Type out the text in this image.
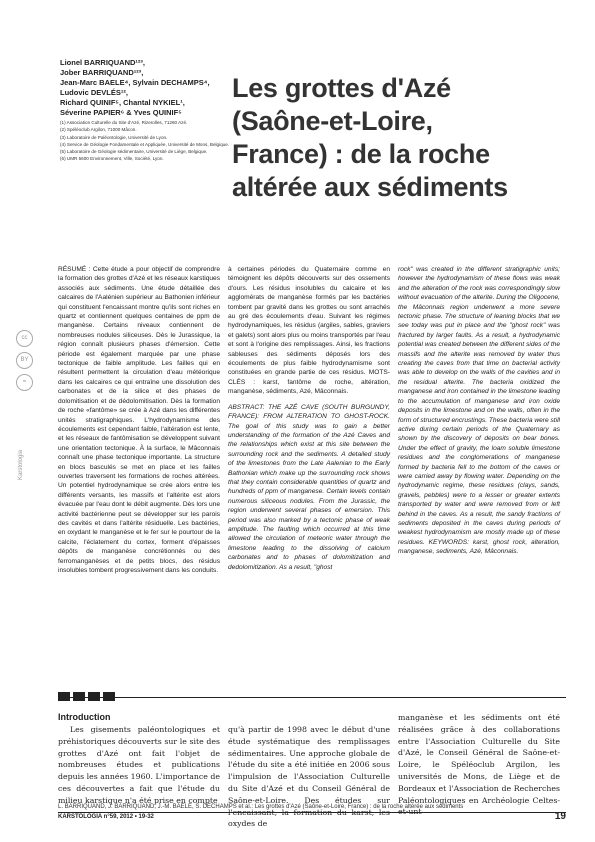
Lionel BARRIQUAND¹²³,
Jober BARRIQUAND¹²³,
Jean-Marc BAELE⁴, Sylvain DECHAMPS⁴,
Ludovic DEVLÉS¹²,
Richard QUINIF⁵, Chantal NYKIEL¹,
Séverine PAPIER⁶ & Yves QUINIF⁵
(1) Association Culturelle du Site d'Azé, Rizerolles, 71260 Azé.
(2) Spéléoclub Argilon, 71000 Mâcon.
(3) Laboratoire de Paléontologie, Université de Lyon.
(4) Service de Géologie Fondamentale et Appliquée, Université de Mons, Belgique.
(5) Laboratoire de Géologie sédimentaire, Université de Liège, Belgique.
(6) UMR 5600 Environnement, Ville, Société, Lyon.
Les grottes d'Azé
(Saône-et-Loire,
France) : de la roche
altérée aux sédiments
cc
BY
=
Karstologia

RÉSUMÉ : Cette étude a pour objectif de comprendre la formation des grottes d'Azé et les réseaux karstiques associés aux sédiments. Une étude détaillée des calcaires de l'Aalénien supérieur au Bathonien inférieur qui constituent l'encaissant montre qu'ils sont riches en quartz et contiennent quelques centaines de ppm de manganèse. Certains niveaux contiennent de nombreuses nodules siliceuses. Dès le Jurassique, la région connaît plusieurs phases d'émersion. Cette période est également marquée par une phase tectonique de faible amplitude. Les failles qui en résultent permettent la circulation d'eau météorique dans les calcaires ce qui entraîne une dissolution des carbonates et de la silice et des phases de dolomitisation et de dédolomitisation. Dès la formation de roche «fantôme» se crée à Azé dans les différentes unités stratigraphiques. L'hydrodynamisme des écoulements est cependant faible, l'altération est lente, et les réseaux de fantômisation se développent suivant une orientation tectonique. À la surface, le Mâconnais connaît une phase tectonique importante. La structure en blocs basculés se met en place et les failles ouvertes traversent les formations de roches altérées. Un potentiel hydrodynamique se crée alors entre les différents versants, les massifs et l'altérite est alors évacuée par l'eau dont le débit augmente. Dès lors une activité bactérienne peut se développer sur les parois des cavités et dans l'altérite résiduelle. Les bactéries, en oxydant le manganèse et le fer sur le pourtour de la calcite, l'éclatement du cortex, forment d'épaisses dépôts de manganèse concrétionnés ou des ferromanganèses et de petits blocs, des résidus insolubles tombent progressivement dans les conduits.

à certaines périodes du Quaternaire comme en témoignent les dépôts découverts sur des ossements d'ours. Les résidus insolubles du calcaire et les agglomérats de manganèse formés par les bactéries tombent par gravité dans les grottes ou sont arrachés au gré des écoulements d'eau. Suivant les régimes hydrodynamiques, les résidus (argiles, sables, graviers et galets) sont alors plus ou moins transportés par l'eau et sont à l'origine des remplissages. Ainsi, les fractions sableuses des sédiments déposés lors des écoulements de plus faible hydrodynamisme sont constituées en grande partie de ces résidus. MOTS-CLÉS : karst, fantôme de roche, altération, manganèse, sédiments, Azé, Mâconnais.

ABSTRACT: THE AZÉ CAVE (SOUTH BURGUNDY, FRANCE): FROM ALTERATION TO GHOST-ROCK. The goal of this study was to gain a better understanding of the formation of the Azé Caves and the relationships which exist at this site between the surrounding rock and the sediments. A detailed study of the limestones from the Late Aalenian to the Early Bathonian which make up the surrounding rock shows that they contain considerable quantities of quartz and hundreds of ppm of manganese. Certain levels contain numerous siliceous nodules. From the Jurassic, the region underwent several phases of emersion. This period was also marked by a tectonic phase of weak amplitude. The faulting which occurred at this time allowed the circulation of meteoric water through the limestone leading to the dissolving of calcium carbonates and to phases of dolomitization and dedolomitization. As a result, "ghost

rock" was created in the different stratigraphic units; however the hydrodynamism of these flows was weak and the alteration of the rock was correspondingly slow without evacuation of the alterite. During the Oligocene, the Mâconnais region underwent a more severe tectonic phase. The structure of leaning blocks that we see today was put in place and the "ghost rock" was fractured by larger faults. As a result, a hydrodynamic potential was created between the different sides of the massifs and the alterite was removed by water thus creating the caves from that time on bacterial activity was able to develop on the walls of the cavities and in the residual alterite. The bacteria oxidized the manganese and iron contained in the limestone leading to the accumulation of manganese and iron oxide deposits in the limestone and on the walls, often in the form of structured encrustings. These bacteria were still active during certain periods of the Quaternary as shown by the discovery of deposits on bear bones. Under the effect of gravity, the loam soluble limestone residues and the conglomerations of manganese formed by bacteria fell to the bottom of the caves or were carried away by flowing water. Depending on the hydrodynamic regime, these residues (clays, sands, gravels, pebbles) were to a lesser or greater extents transported by water and were removed from or left behind in the caves. As a result, the sandy fractions of sediments deposited in the caves during periods of weakest hydrodynamism are mostly made up of these residues. KEYWORDS: karst, ghost rock, alteration, manganese, sediments, Azé, Mâconnais.

Introduction

Les gisements paléontologiques et préhistoriques découverts sur le site des grottes d'Azé ont fait l'objet de nombreuses études et publications depuis les années 1960. L'importance de ces découvertes a fait que l'étude du milieu karstique n'a été prise en compte

qu'à partir de 1998 avec le début d'une étude systématique des remplissages sédimentaires. Une approche globale de l'étude du site a été initiée en 2006 sous l'impulsion de l'Association Culturelle du Site d'Azé et du Conseil Général de Saône-et-Loire. Des études sur l'encaissant, la formation du karst, les oxydes de

manganèse et les sédiments ont été réalisées grâce à des collaborations entre l'Association Culturelle du Site d'Azé, le Conseil Général de Saône-et-Loire, le Spéléoclub Argilon, les universités de Mons, de Liège et de Bordeaux et l'Association de Recherches Paléontologiques en Archéologie Celtes-et-unt

L. BARRIQUAND, J. BARRIQUAND, J.-M. BAELE, S. DECHAMPS et al.: Les grottes d'Azé (Saône-et-Loire, France) : de la roche altérée aux sédiments
KARSTOLOGIA n°59, 2012 • 19-32	19
